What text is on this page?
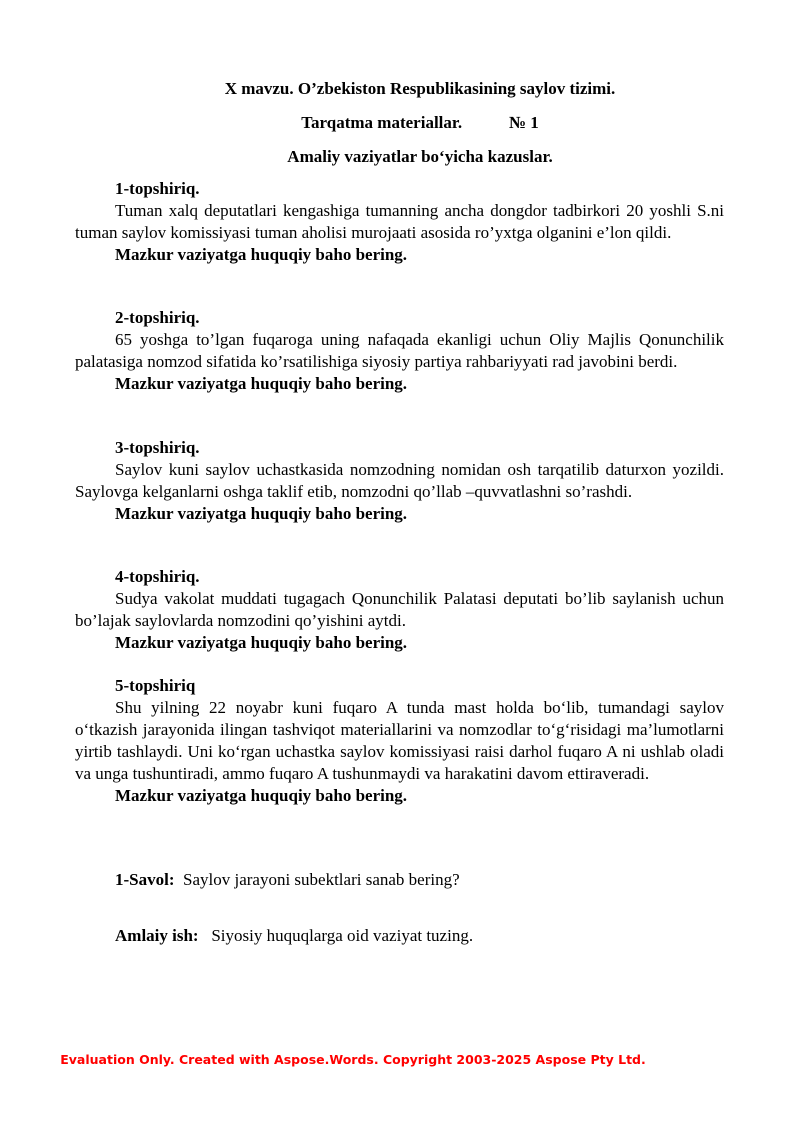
X mavzu. O’zbekiston Respublikasining saylov tizimi.
Tarqatma materiallar.	№ 1
Amaliy vaziyatlar bo‘yicha kazuslar.

1-topshiriq.

Tuman xalq deputatlari kengashiga tumanning ancha dongdor tadbirkori 20 yoshli S.ni tuman saylov komissiyasi tuman aholisi murojaati asosida ro’yxtga olganini e’lon qildi.

Mazkur vaziyatga huquqiy baho bering.

2-topshiriq.

65 yoshga to’lgan fuqaroga uning nafaqada ekanligi uchun Oliy Majlis Qonunchilik palatasiga nomzod sifatida ko’rsatilishiga siyosiy partiya rahbariyyati rad javobini berdi.

Mazkur vaziyatga huquqiy baho bering.

3-topshiriq.

Saylov kuni saylov uchastkasida nomzodning nomidan osh tarqatilib daturxon yozildi. Saylovga kelganlarni oshga taklif etib, nomzodni qo’llab –quvvatlashni so’rashdi.

Mazkur vaziyatga huquqiy baho bering.

4-topshiriq.

Sudya vakolat muddati tugagach Qonunchilik Palatasi deputati bo’lib saylanish uchun bo’lajak saylovlarda nomzodini qo’yishini aytdi.

Mazkur vaziyatga huquqiy baho bering.

5-topshiriq

Shu yilning 22 noyabr kuni fuqaro A tunda mast holda bo‘lib, tumandagi saylov o‘tkazish jarayonida ilingan tashviqot materiallarini va nomzodlar to‘g‘risidagi ma’lumotlarni yirtib tashlaydi. Uni ko‘rgan uchastka saylov komissiyasi raisi darhol fuqaro A ni ushlab oladi va unga tushuntiradi, ammo fuqaro A tushunmaydi va harakatini davom ettiraveradi.

Mazkur vaziyatga huquqiy baho bering.

1-Savol: Saylov jarayoni subektlari sanab bering?
Amlaiy ish: Siyosiy huquqlarga oid vaziyat tuzing.
Evaluation Only. Created with Aspose.Words. Copyright 2003-2025 Aspose Pty Ltd.
